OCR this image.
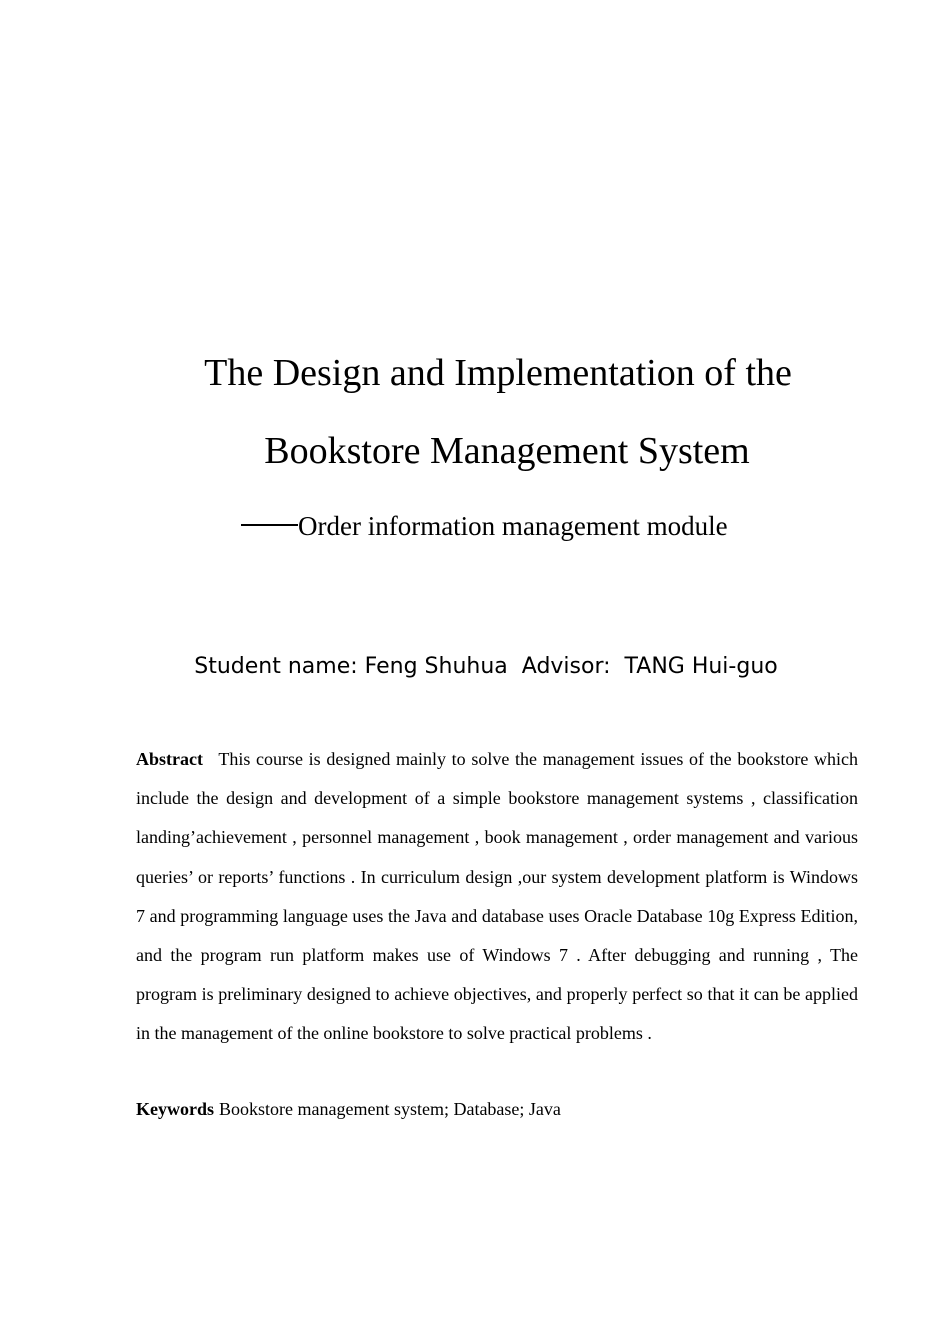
The Design and Implementation of the
Bookstore Management System
Order information management module
Student name: Feng Shuhua Advisor: TANG Hui-guo

Abstract This course is designed mainly to solve the management issues of the bookstore which include the design and development of a simple bookstore management systems , classification landing’achievement , personnel management , book management , order management and various queries’ or reports’ functions . In curriculum design ,our system development platform is Windows 7 and programming language uses the Java and database uses Oracle Database 10g Express Edition, and the program run platform makes use of Windows 7 . After debugging and running , The program is preliminary designed to achieve objectives, and properly perfect so that it can be applied in the management of the online bookstore to solve practical problems .

Keywords Bookstore management system; Database; Java
